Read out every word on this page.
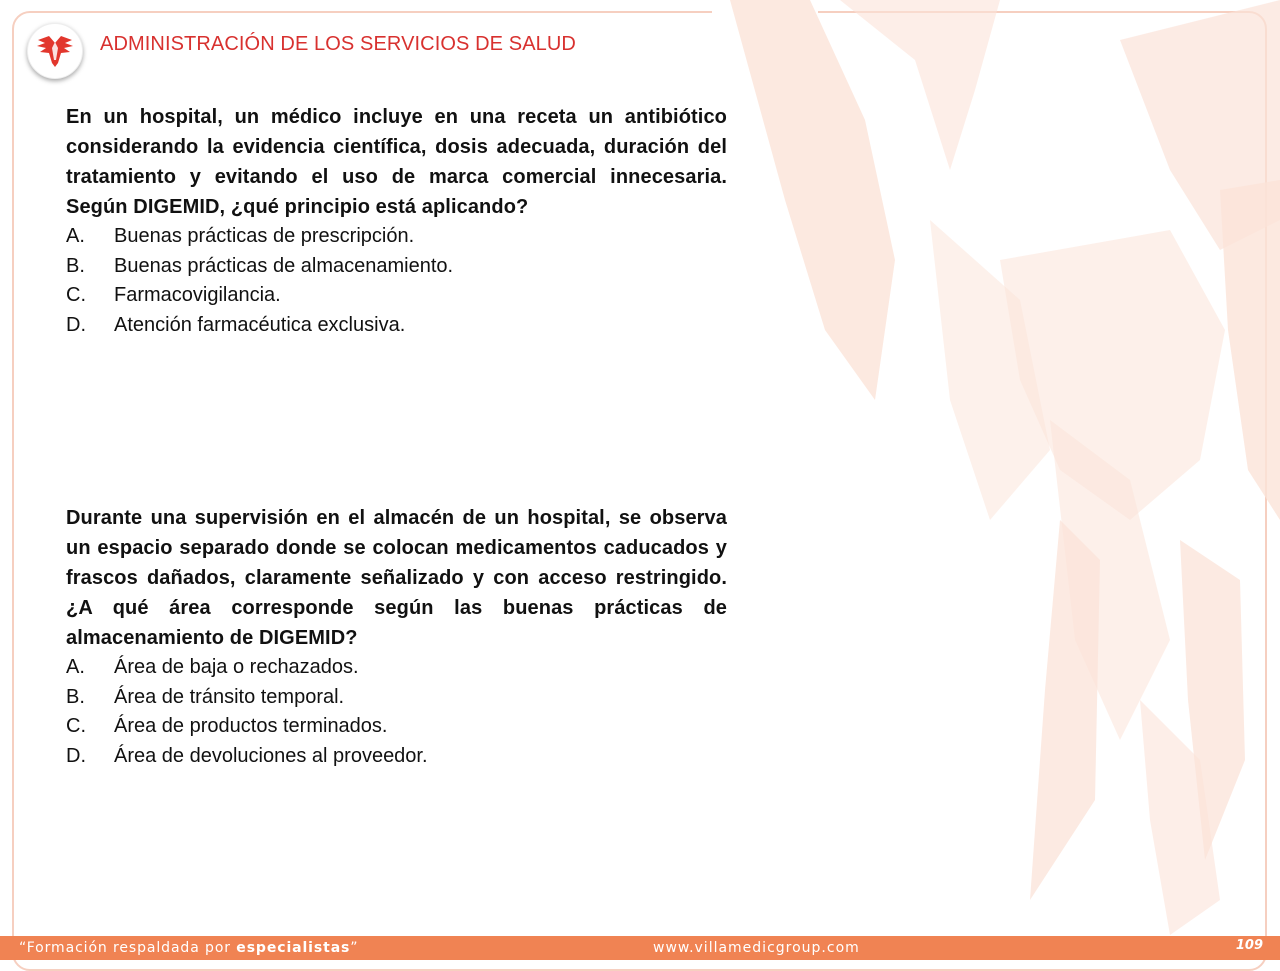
ADMINISTRACIÓN DE LOS SERVICIOS DE SALUD

En un hospital, un médico incluye en una receta un antibiótico considerando la evidencia científica, dosis adecuada, duración del tratamiento y evitando el uso de marca comercial innecesaria. Según DIGEMID, ¿qué principio está aplicando?

A.	Buenas prácticas de prescripción.
B.	Buenas prácticas de almacenamiento.
C.	Farmacovigilancia.
D.	Atención farmacéutica exclusiva.

Durante una supervisión en el almacén de un hospital, se observa un espacio separado donde se colocan medicamentos caducados y frascos dañados, claramente señalizado y con acceso restringido. ¿A qué área corresponde según las buenas prácticas de almacenamiento de DIGEMID?

A.	Área de baja o rechazados.
B.	Área de tránsito temporal.
C.	Área de productos terminados.
D.	Área de devoluciones al proveedor.
“Formación respaldada por especialistas”	www.villamedicgroup.com	109
